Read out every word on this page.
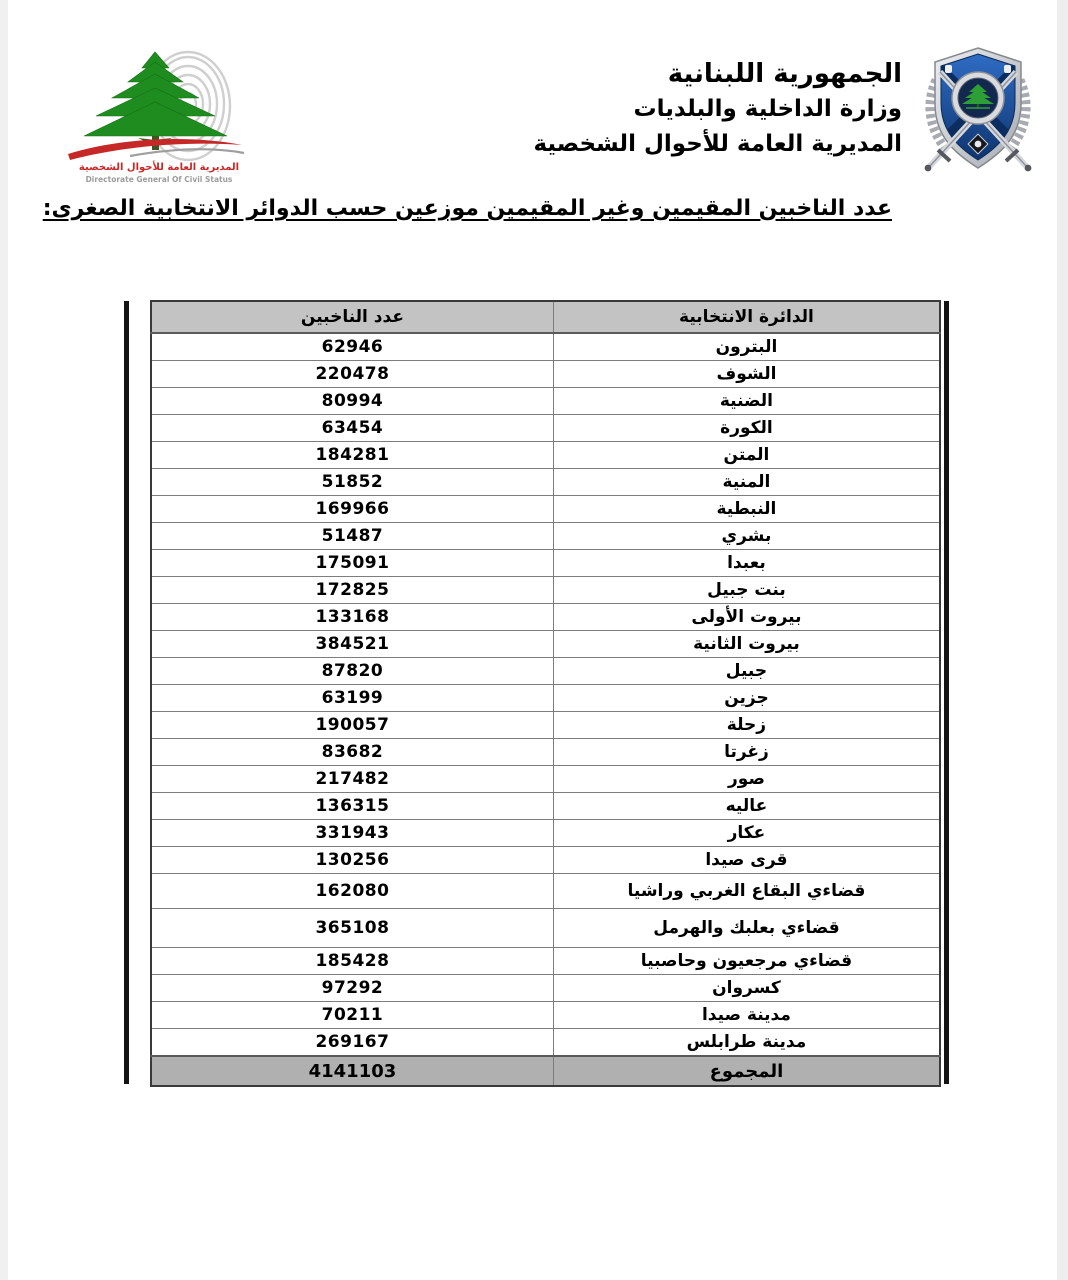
المديرية العامة للأحوال الشخصية
Directorate General Of Civil Status
الجمهورية اللبنانية
وزارة الداخلية والبلديات
المديرية العامة للأحوال الشخصية
عدد الناخبين المقيمين وغير المقيمين موزعين حسب الدوائر الانتخابية الصغرى:
الدائرة الانتخابية	عدد الناخبين
البترون	62946
الشوف	220478
الضنية	80994
الكورة	63454
المتن	184281
المنية	51852
النبطية	169966
بشري	51487
بعبدا	175091
بنت جبيل	172825
بيروت الأولى	133168
بيروت الثانية	384521
جبيل	87820
جزين	63199
زحلة	190057
زغرتا	83682
صور	217482
عاليه	136315
عكار	331943
قرى صيدا	130256
قضاءي البقاع الغربي وراشيا	162080
قضاءي بعلبك والهرمل	365108
قضاءي مرجعيون وحاصبيا	185428
كسروان	97292
مدينة صيدا	70211
مدينة طرابلس	269167
المجموع	4141103
